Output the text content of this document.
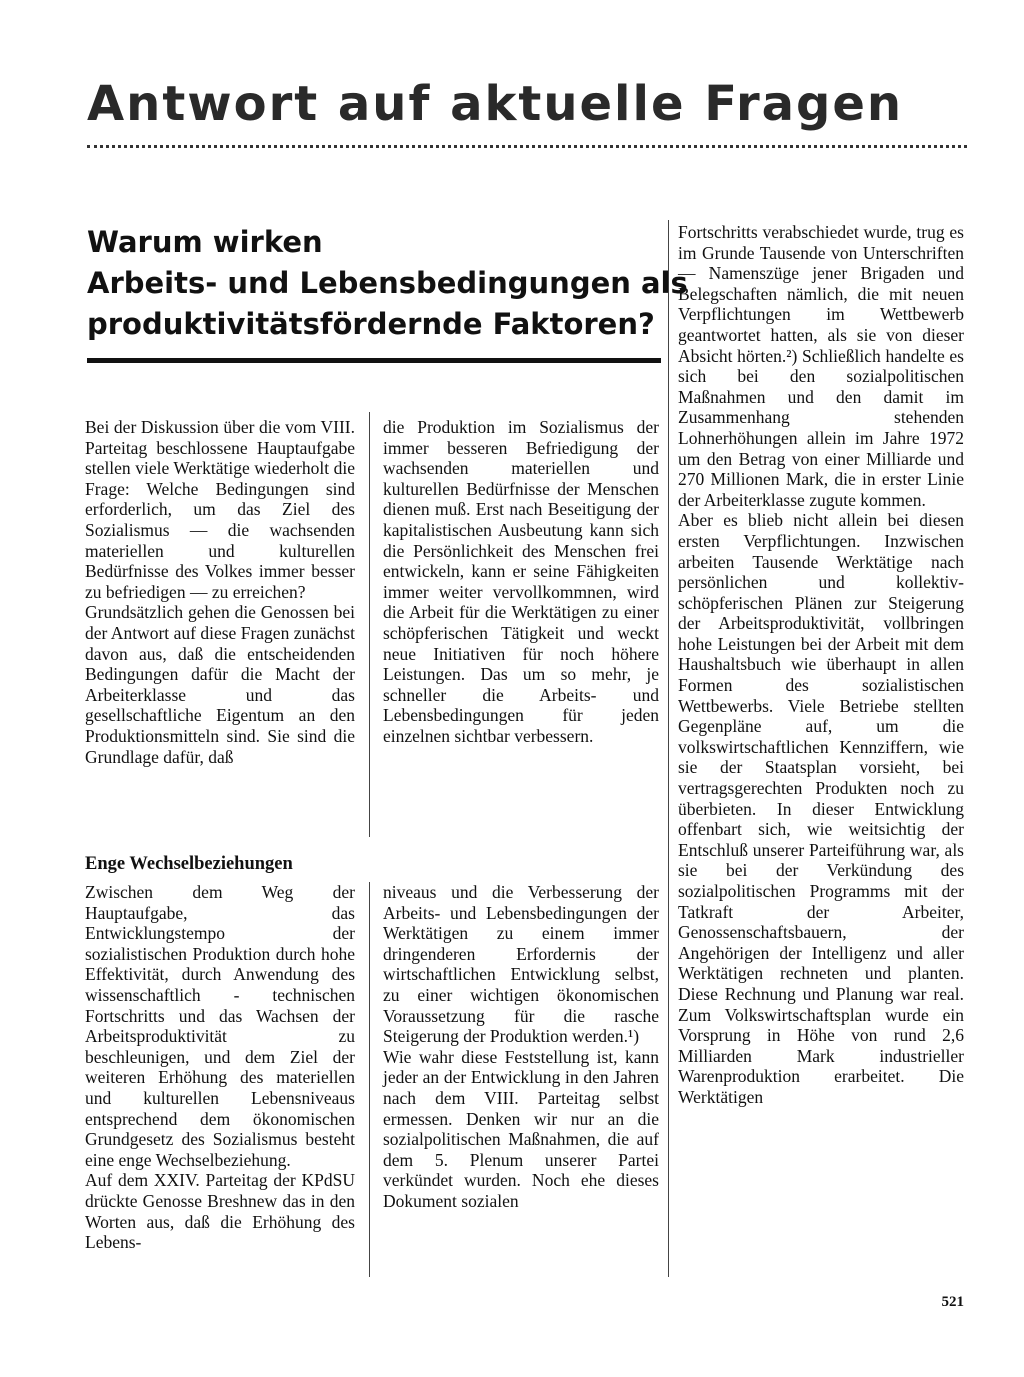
Antwort auf aktuelle Fragen
Warum wirken
Arbeits- und Lebensbedingungen als
produktivitätsfördernde Faktoren?

Bei der Diskussion über die vom VIII. Parteitag beschlossene Hauptaufgabe stellen viele Werktätige wiederholt die Frage: Welche Bedingungen sind erforderlich, um das Ziel des Sozialismus — die wachsenden materiellen und kulturellen Bedürfnisse des Volkes immer besser zu befriedigen — zu erreichen?

Grundsätzlich gehen die Genossen bei der Antwort auf diese Fragen zunächst davon aus, daß die entscheidenden Bedingungen dafür die Macht der Arbeiterklasse und das gesellschaftliche Eigentum an den Produktionsmitteln sind. Sie sind die Grundlage dafür, daß

die Produktion im Sozialismus der immer besseren Befriedigung der wachsenden materiellen und kulturellen Bedürfnisse der Menschen dienen muß. Erst nach Beseitigung der kapitalistischen Ausbeutung kann sich die Persönlichkeit des Menschen frei entwickeln, kann er seine Fähigkeiten immer weiter vervollkommnen, wird die Arbeit für die Werktätigen zu einer schöpferischen Tätigkeit und weckt neue Initiativen für noch höhere Leistungen. Das um so mehr, je schneller die Arbeits- und Lebensbedingungen für jeden einzelnen sichtbar verbessern.

Enge Wechselbeziehungen

Zwischen dem Weg der Hauptaufgabe, das Entwicklungstempo der sozialistischen Produktion durch hohe Effektivität, durch Anwendung des wissenschaftlich - technischen Fortschritts und das Wachsen der Arbeitsproduktivität zu beschleunigen, und dem Ziel der weiteren Erhöhung des materiellen und kulturellen Lebensniveaus entsprechend dem ökonomischen Grundgesetz des Sozialismus besteht eine enge Wechselbeziehung.

Auf dem XXIV. Parteitag der KPdSU drückte Genosse Breshnew das in den Worten aus, daß die Erhöhung des Lebens-

niveaus und die Verbesserung der Arbeits- und Lebensbedingungen der Werktätigen zu einem immer dringenderen Erfordernis der wirtschaftlichen Entwicklung selbst, zu einer wichtigen ökonomischen Voraussetzung für die rasche Steigerung der Produktion werden.¹)

Wie wahr diese Feststellung ist, kann jeder an der Entwicklung in den Jahren nach dem VIII. Parteitag selbst ermessen. Denken wir nur an die sozialpolitischen Maßnahmen, die auf dem 5. Plenum unserer Partei verkündet wurden. Noch ehe dieses Dokument sozialen

Fortschritts verabschiedet wurde, trug es im Grunde Tausende von Unterschriften — Namenszüge jener Brigaden und Belegschaften nämlich, die mit neuen Verpflichtungen im Wettbewerb geantwortet hatten, als sie von dieser Absicht hörten.²) Schließlich handelte es sich bei den sozialpolitischen Maßnahmen und den damit im Zusammenhang stehenden Lohnerhöhungen allein im Jahre 1972 um den Betrag von einer Milliarde und 270 Millionen Mark, die in erster Linie der Arbeiterklasse zugute kommen.

Aber es blieb nicht allein bei diesen ersten Verpflichtungen. Inzwischen arbeiten Tausende Werktätige nach persönlichen und kollektiv-schöpferischen Plänen zur Steigerung der Arbeitsproduktivität, vollbringen hohe Leistungen bei der Arbeit mit dem Haushaltsbuch wie überhaupt in allen Formen des sozialistischen Wettbewerbs. Viele Betriebe stellten Gegenpläne auf, um die volkswirtschaftlichen Kennziffern, wie sie der Staatsplan vorsieht, bei vertragsgerechten Produkten noch zu überbieten. In dieser Entwicklung offenbart sich, wie weitsichtig der Entschluß unserer Parteiführung war, als sie bei der Verkündung des sozialpolitischen Programms mit der Tatkraft der Arbeiter, Genossenschaftsbauern, der Angehörigen der Intelligenz und aller Werktätigen rechneten und planten. Diese Rechnung und Planung war real. Zum Volkswirtschaftsplan wurde ein Vorsprung in Höhe von rund 2,6 Milliarden Mark industrieller Warenproduktion erarbeitet. Die Werktätigen

521
